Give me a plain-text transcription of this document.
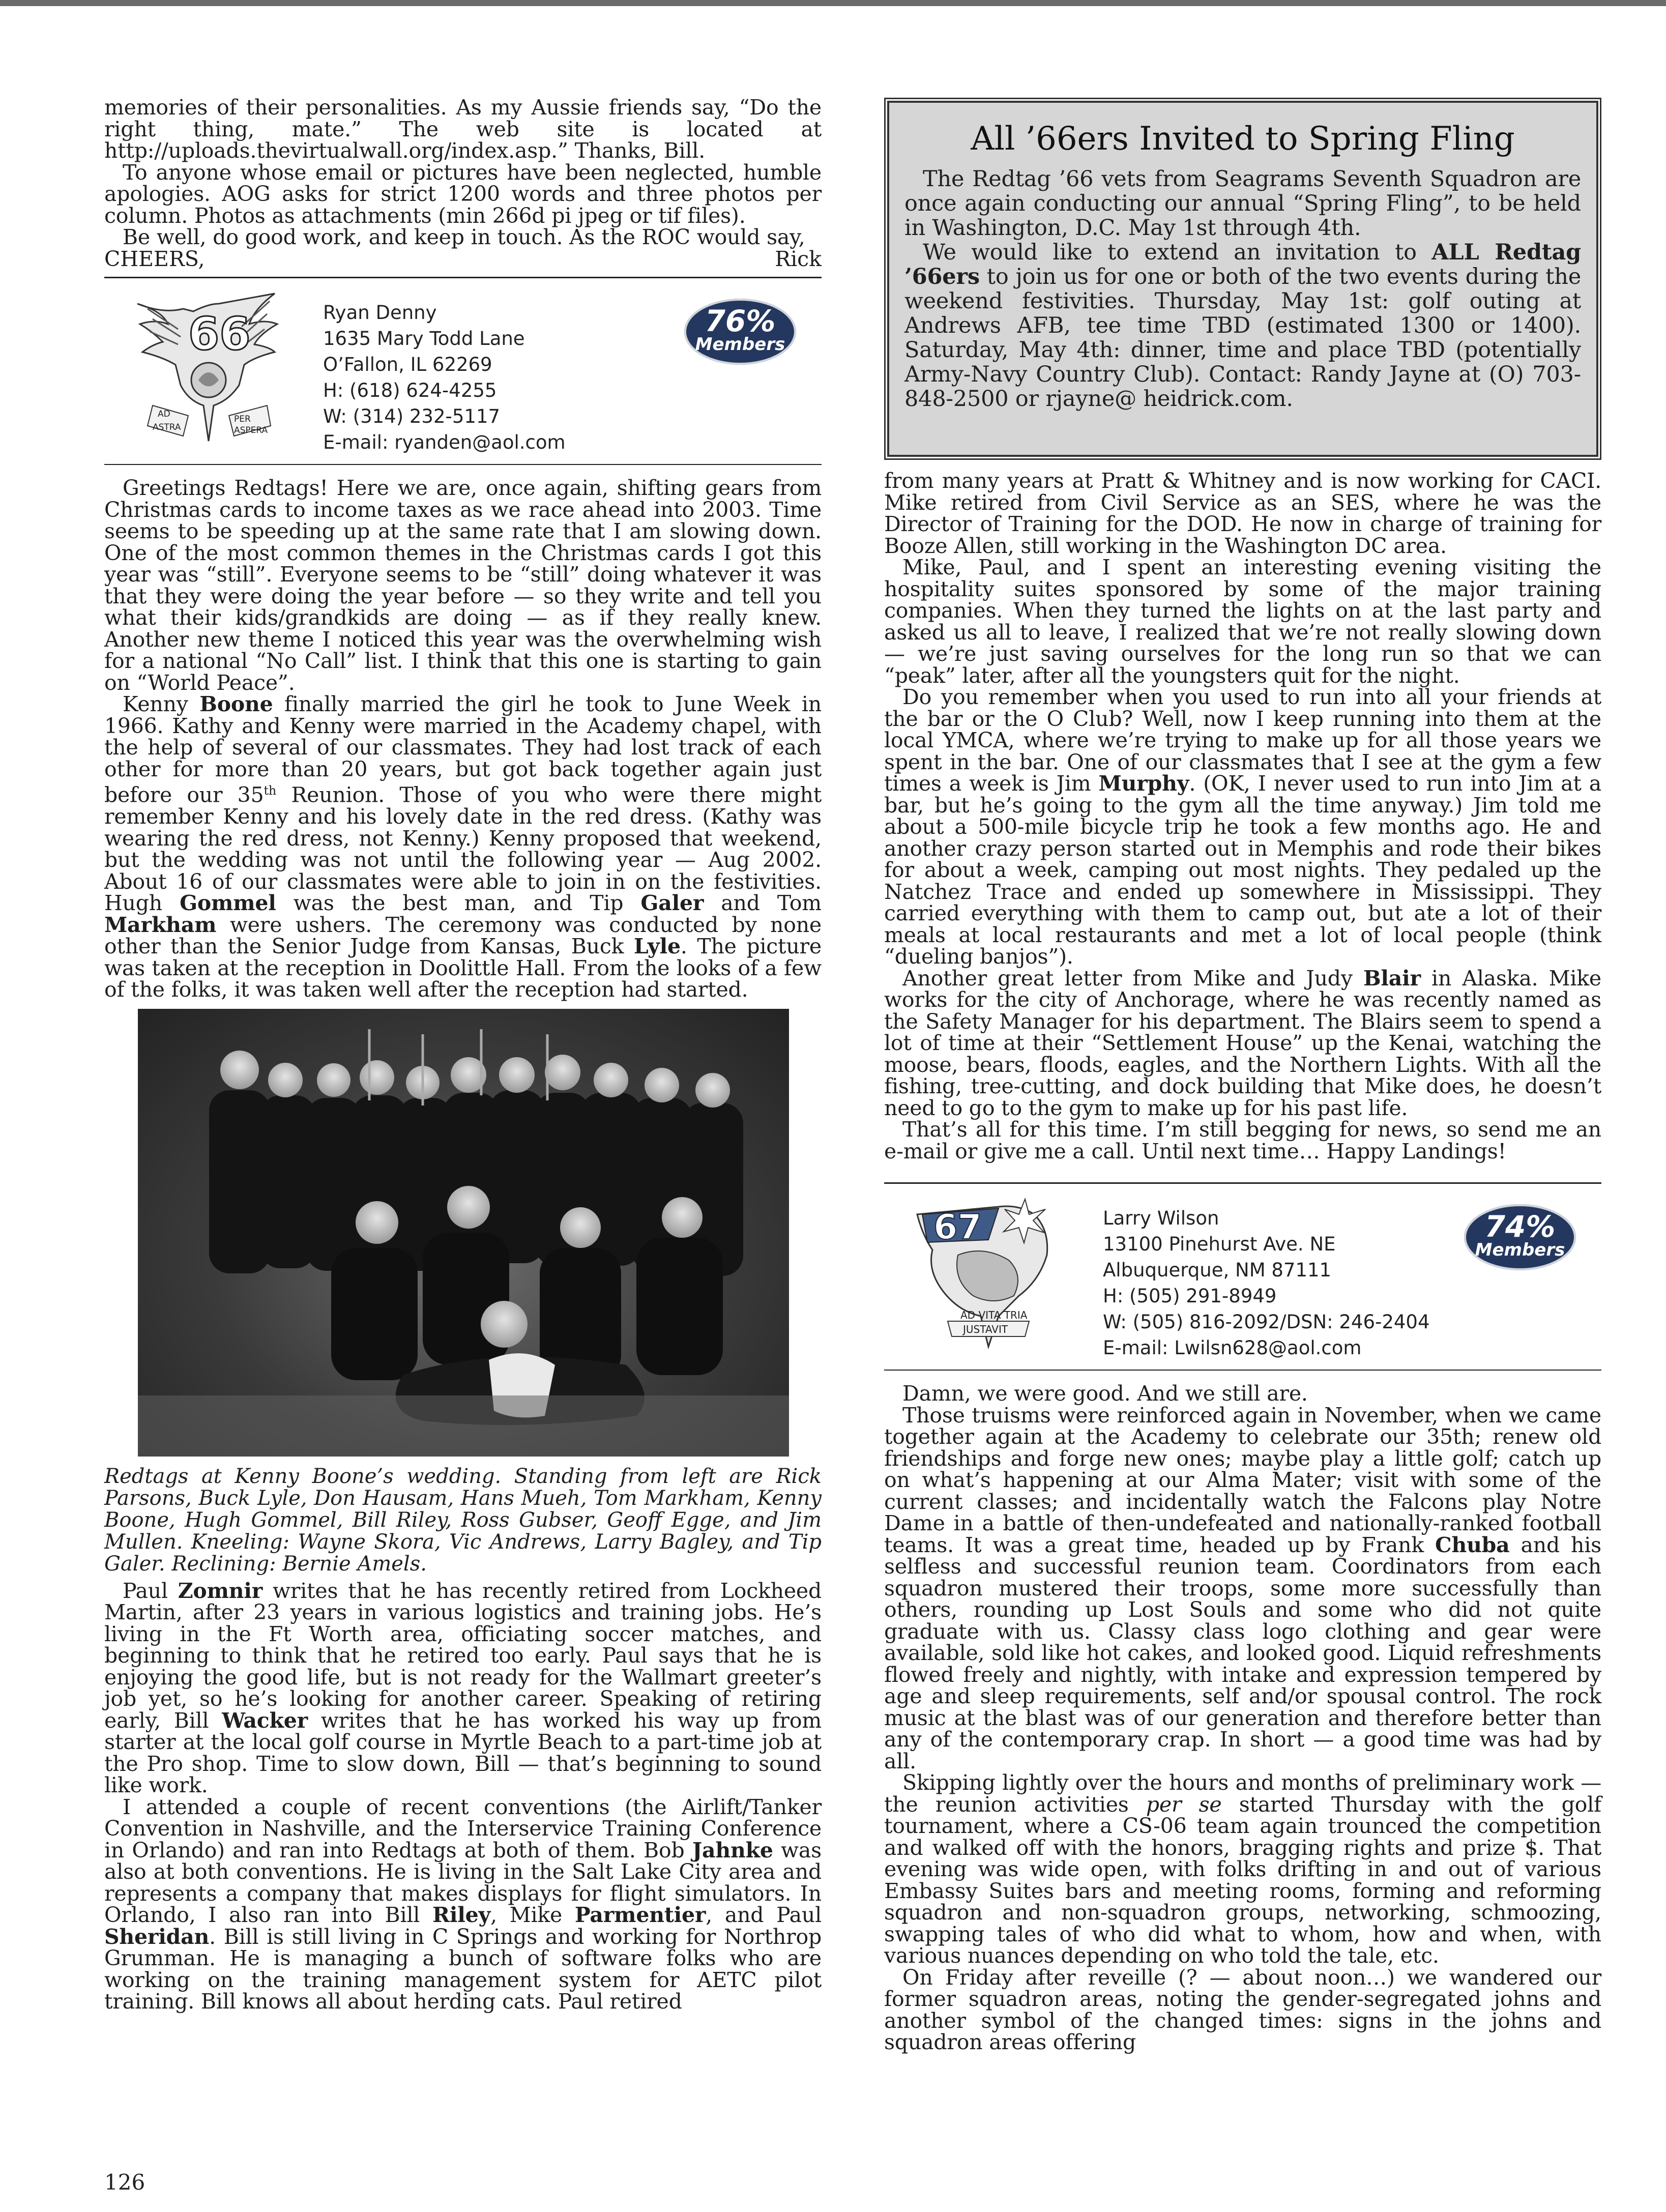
memories of their personalities. As my Aussie friends say, “Do the right thing, mate.” The web site is located at http://uploads.thevirtualwall.org/index.asp.” Thanks, Bill.

To anyone whose email or pictures have been neglected, humble apologies. AOG asks for strict 1200 words and three photos per column. Photos as attachments (min 266d pi jpeg or tif files).

Be well, do good work, and keep in touch. As the ROC would say,

CHEERS,	Rick
66
AD
ASTRA
PER
ASPERA
Ryan Denny
1635 Mary Todd Lane
O’Fallon, IL 62269
H: (618) 624-4255
W: (314) 232-5117
E-mail: ryanden@aol.com
76%
Members

Greetings Redtags! Here we are, once again, shifting gears from Christmas cards to income taxes as we race ahead into 2003. Time seems to be speeding up at the same rate that I am slowing down. One of the most common themes in the Christmas cards I got this year was “still”. Everyone seems to be “still” doing whatever it was that they were doing the year before — so they write and tell you what their kids/grandkids are doing — as if they really knew. Another new theme I noticed this year was the overwhelming wish for a national “No Call” list. I think that this one is starting to gain on “World Peace”.

Kenny Boone finally married the girl he took to June Week in 1966. Kathy and Kenny were married in the Academy chapel, with the help of several of our classmates. They had lost track of each other for more than 20 years, but got back together again just before our 35th Reunion. Those of you who were there might remember Kenny and his lovely date in the red dress. (Kathy was wearing the red dress, not Kenny.) Kenny proposed that weekend, but the wedding was not until the following year — Aug 2002. About 16 of our classmates were able to join in on the festivities. Hugh Gommel was the best man, and Tip Galer and Tom Markham were ushers. The ceremony was conducted by none other than the Senior Judge from Kansas, Buck Lyle. The picture was taken at the reception in Doolittle Hall. From the looks of a few of the folks, it was taken well after the reception had started.

Redtags at Kenny Boone’s wedding. Standing from left are Rick Parsons, Buck Lyle, Don Hausam, Hans Mueh, Tom Markham, Kenny Boone, Hugh Gommel, Bill Riley, Ross Gubser, Geoff Egge, and Jim Mullen. Kneeling: Wayne Skora, Vic Andrews, Larry Bagley, and Tip Galer. Reclining: Bernie Amels.

Paul Zomnir writes that he has recently retired from Lockheed Martin, after 23 years in various logistics and training jobs. He’s living in the Ft Worth area, officiating soccer matches, and beginning to think that he retired too early. Paul says that he is enjoying the good life, but is not ready for the Wallmart greeter’s job yet, so he’s looking for another career. Speaking of retiring early, Bill Wacker writes that he has worked his way up from starter at the local golf course in Myrtle Beach to a part-time job at the Pro shop. Time to slow down, Bill — that’s beginning to sound like work.

I attended a couple of recent conventions (the Airlift/Tanker Convention in Nashville, and the Interservice Training Conference in Orlando) and ran into Redtags at both of them. Bob Jahnke was also at both conventions. He is living in the Salt Lake City area and represents a company that makes displays for flight simulators. In Orlando, I also ran into Bill Riley, Mike Parmentier, and Paul Sheridan. Bill is still living in C Springs and working for Northrop Grumman. He is managing a bunch of software folks who are working on the training management system for AETC pilot training. Bill knows all about herding cats. Paul retired

All ’66ers Invited to Spring Fling

The Redtag ’66 vets from Seagrams Seventh Squadron are once again conducting our annual “Spring Fling”, to be held in Washington, D.C. May 1st through 4th.

We would like to extend an invitation to ALL Redtag ’66ers to join us for one or both of the two events during the weekend festivities. Thursday, May 1st: golf outing at Andrews AFB, tee time TBD (estimated 1300 or 1400). Saturday, May 4th: dinner, time and place TBD (potentially Army-Navy Country Club). Contact: Randy Jayne at (O) 703-848-2500 or rjayne@ heidrick.com.

from many years at Pratt & Whitney and is now working for CACI. Mike retired from Civil Service as an SES, where he was the Director of Training for the DOD. He now in charge of training for Booze Allen, still working in the Washington DC area.

Mike, Paul, and I spent an interesting evening visiting the hospitality suites sponsored by some of the major training companies. When they turned the lights on at the last party and asked us all to leave, I realized that we’re not really slowing down — we’re just saving ourselves for the long run so that we can “peak” later, after all the youngsters quit for the night.

Do you remember when you used to run into all your friends at the bar or the O Club? Well, now I keep running into them at the local YMCA, where we’re trying to make up for all those years we spent in the bar. One of our classmates that I see at the gym a few times a week is Jim Murphy. (OK, I never used to run into Jim at a bar, but he’s going to the gym all the time anyway.) Jim told me about a 500-mile bicycle trip he took a few months ago. He and another crazy person started out in Memphis and rode their bikes for about a week, camping out most nights. They pedaled up the Natchez Trace and ended up somewhere in Mississippi. They carried everything with them to camp out, but ate a lot of their meals at local restaurants and met a lot of local people (think “dueling banjos”).

Another great letter from Mike and Judy Blair in Alaska. Mike works for the city of Anchorage, where he was recently named as the Safety Manager for his department. The Blairs seem to spend a lot of time at their “Settlement House” up the Kenai, watching the moose, bears, floods, eagles, and the Northern Lights. With all the fishing, tree-cutting, and dock building that Mike does, he doesn’t need to go to the gym to make up for his past life.

That’s all for this time. I’m still begging for news, so send me an e-mail or give me a call. Until next time… Happy Landings!

67
AD VITA TRIA
JUSTAVIT
Larry Wilson
13100 Pinehurst Ave. NE
Albuquerque, NM 87111
H: (505) 291-8949
W: (505) 816-2092/DSN: 246-2404
E-mail: Lwilsn628@aol.com
74%
Members

Damn, we were good. And we still are.

Those truisms were reinforced again in November, when we came together again at the Academy to celebrate our 35th; renew old friendships and forge new ones; maybe play a little golf; catch up on what’s happening at our Alma Mater; visit with some of the current classes; and incidentally watch the Falcons play Notre Dame in a battle of then-undefeated and nationally-ranked football teams. It was a great time, headed up by Frank Chuba and his selfless and successful reunion team. Coordinators from each squadron mustered their troops, some more successfully than others, rounding up Lost Souls and some who did not quite graduate with us. Classy class logo clothing and gear were available, sold like hot cakes, and looked good. Liquid refreshments flowed freely and nightly, with intake and expression tempered by age and sleep requirements, self and/or spousal control. The rock music at the blast was of our generation and therefore better than any of the contemporary crap. In short — a good time was had by all.

Skipping lightly over the hours and months of preliminary work — the reunion activities per se started Thursday with the golf tournament, where a CS-06 team again trounced the competition and walked off with the honors, bragging rights and prize $. That evening was wide open, with folks drifting in and out of various Embassy Suites bars and meeting rooms, forming and reforming squadron and non-squadron groups, networking, schmoozing, swapping tales of who did what to whom, how and when, with various nuances depending on who told the tale, etc.

On Friday after reveille (? — about noon…) we wandered our former squadron areas, noting the gender-segregated johns and another symbol of the changed times: signs in the johns and squadron areas offering

126
